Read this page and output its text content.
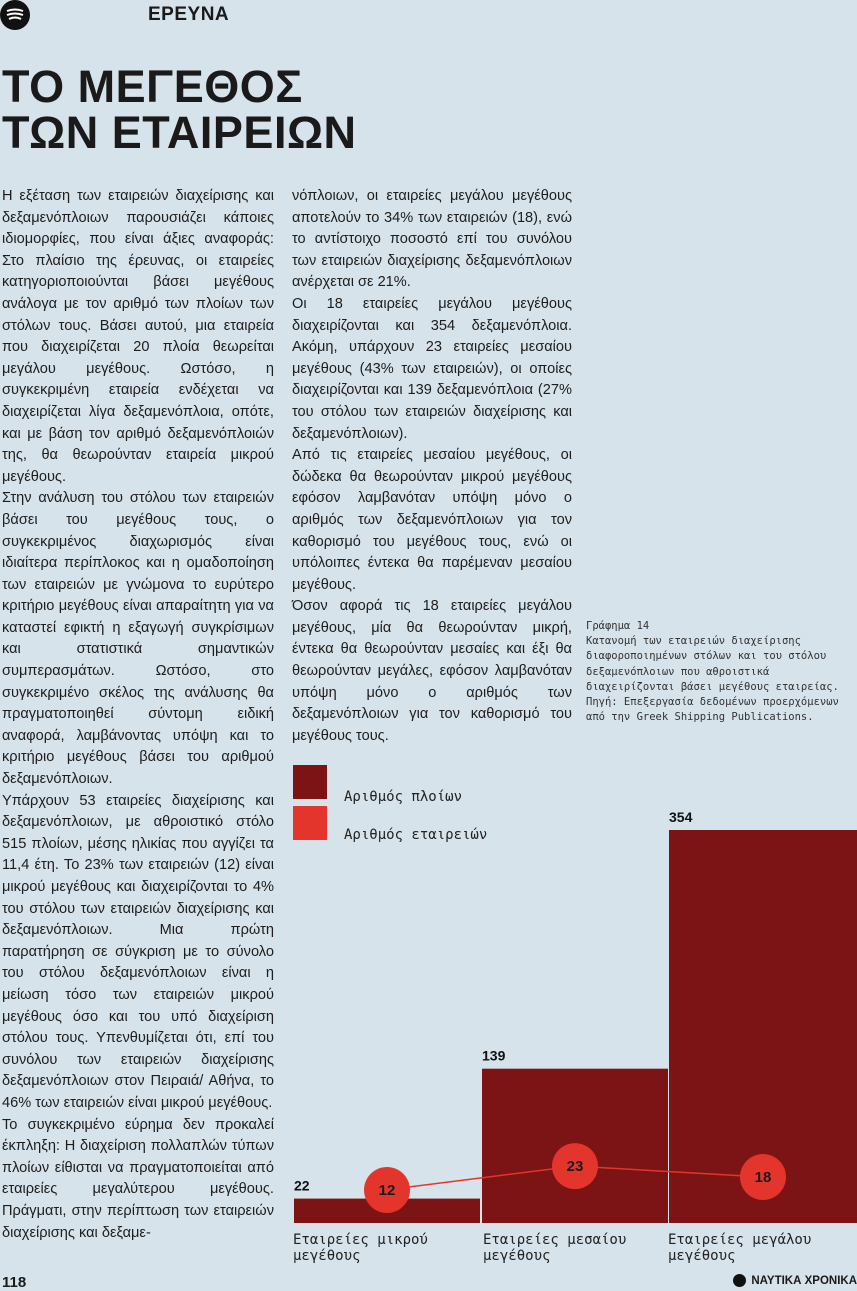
ΕΡΕΥΝΑ
ΤΟ ΜΕΓΕΘΟΣ
ΤΩΝ ΕΤΑΙΡΕΙΩΝ

Η εξέταση των εταιρειών διαχείρισης και δεξαμενόπλοιων παρουσιάζει κάποιες ιδιομορφίες, που είναι άξιες αναφοράς: Στο πλαίσιο της έρευνας, οι εταιρείες κατηγοριοποιούνται βάσει μεγέθους ανάλογα με τον αριθμό των πλοίων των στόλων τους. Βάσει αυτού, μια εταιρεία που διαχειρίζεται 20 πλοία θεωρείται μεγάλου μεγέθους. Ωστόσο, η συγκεκριμένη εταιρεία ενδέχεται να διαχειρίζεται λίγα δεξαμενόπλοια, οπότε, και με βάση τον αριθμό δεξαμενόπλοιών της, θα θεωρούνταν εταιρεία μικρού μεγέθους.

Στην ανάλυση του στόλου των εταιρειών βάσει του μεγέθους τους, ο συγκεκριμένος διαχωρισμός είναι ιδιαίτερα περίπλοκος και η ομαδοποίηση των εταιρειών με γνώμονα το ευρύτερο κριτήριο μεγέθους είναι απαραίτητη για να καταστεί εφικτή η εξαγωγή συγκρίσιμων και στατιστικά σημαντικών συμπερασμάτων. Ωστόσο, στο συγκεκριμένο σκέλος της ανάλυσης θα πραγματοποιηθεί σύντομη ειδική αναφορά, λαμβάνοντας υπόψη και το κριτήριο μεγέθους βάσει του αριθμού δεξαμενόπλοιων.

Υπάρχουν 53 εταιρείες διαχείρισης και δεξαμενόπλοιων, με αθροιστικό στόλο 515 πλοίων, μέσης ηλικίας που αγγίζει τα 11,4 έτη. Το 23% των εταιρειών (12) είναι μικρού μεγέθους και διαχειρίζονται το 4% του στόλου των εταιρειών διαχείρισης και δεξαμενόπλοιων. Μια πρώτη παρατήρηση σε σύγκριση με το σύνολο του στόλου δεξαμενόπλοιων είναι η μείωση τόσο των εταιρειών μικρού μεγέθους όσο και του υπό διαχείριση στόλου τους. Υπενθυμίζεται ότι, επί του συνόλου των εταιρειών διαχείρισης δεξαμενόπλοιων στον Πειραιά/ Αθήνα, το 46% των εταιρειών είναι μικρού μεγέθους.

Το συγκεκριμένο εύρημα δεν προκαλεί έκπληξη: Η διαχείριση πολλαπλών τύπων πλοίων είθισται να πραγματοποιείται από εταιρείες μεγαλύτερου μεγέθους. Πράγματι, στην περίπτωση των εταιρειών διαχείρισης και δεξαμε-

νόπλοιων, οι εταιρείες μεγάλου μεγέθους αποτελούν το 34% των εταιρειών (18), ενώ το αντίστοιχο ποσοστό επί του συνόλου των εταιρειών διαχείρισης δεξαμενόπλοιων ανέρχεται σε 21%.

Οι 18 εταιρείες μεγάλου μεγέθους διαχειρίζονται και 354 δεξαμενόπλοια. Ακόμη, υπάρχουν 23 εταιρείες μεσαίου μεγέθους (43% των εταιρειών), οι οποίες διαχειρίζονται και 139 δεξαμενόπλοια (27% του στόλου των εταιρειών διαχείρισης και δεξαμενόπλοιων).

Από τις εταιρείες μεσαίου μεγέθους, οι δώδεκα θα θεωρούνταν μικρού μεγέθους εφόσον λαμβανόταν υπόψη μόνο ο αριθμός των δεξαμενόπλοιων για τον καθορισμό του μεγέθους τους, ενώ οι υπόλοιπες έντεκα θα παρέμεναν μεσαίου μεγέθους.

Όσον αφορά τις 18 εταιρείες μεγάλου μεγέθους, μία θα θεωρούνταν μικρή, έντεκα θα θεωρούνταν μεσαίες και έξι θα θεωρούνταν μεγάλες, εφόσον λαμβανόταν υπόψη μόνο ο αριθμός των δεξαμενόπλοιων για τον καθορισμό του μεγέθους τους.

Γράφημα 14
Κατανομή των εταιρειών διαχείρισης διαφοροποιημένων στόλων και του στόλου δεξαμενόπλοιων που αθροιστικά διαχειρίζονται βάσει μεγέθους εταιρείας.
Πηγή: Επεξεργασία δεδομένων προερχόμενων από την Greek Shipping Publications.
22
139
354
12
23
18
Αριθμός πλοίων
Αριθμός εταιρειών
Εταιρείες μικρού
μεγέθους
Εταιρείες μεσαίου
μεγέθους
Εταιρείες μεγάλου
μεγέθους
118	ΝΑΥΤΙΚΑ ΧΡΟΝΙΚΑ
